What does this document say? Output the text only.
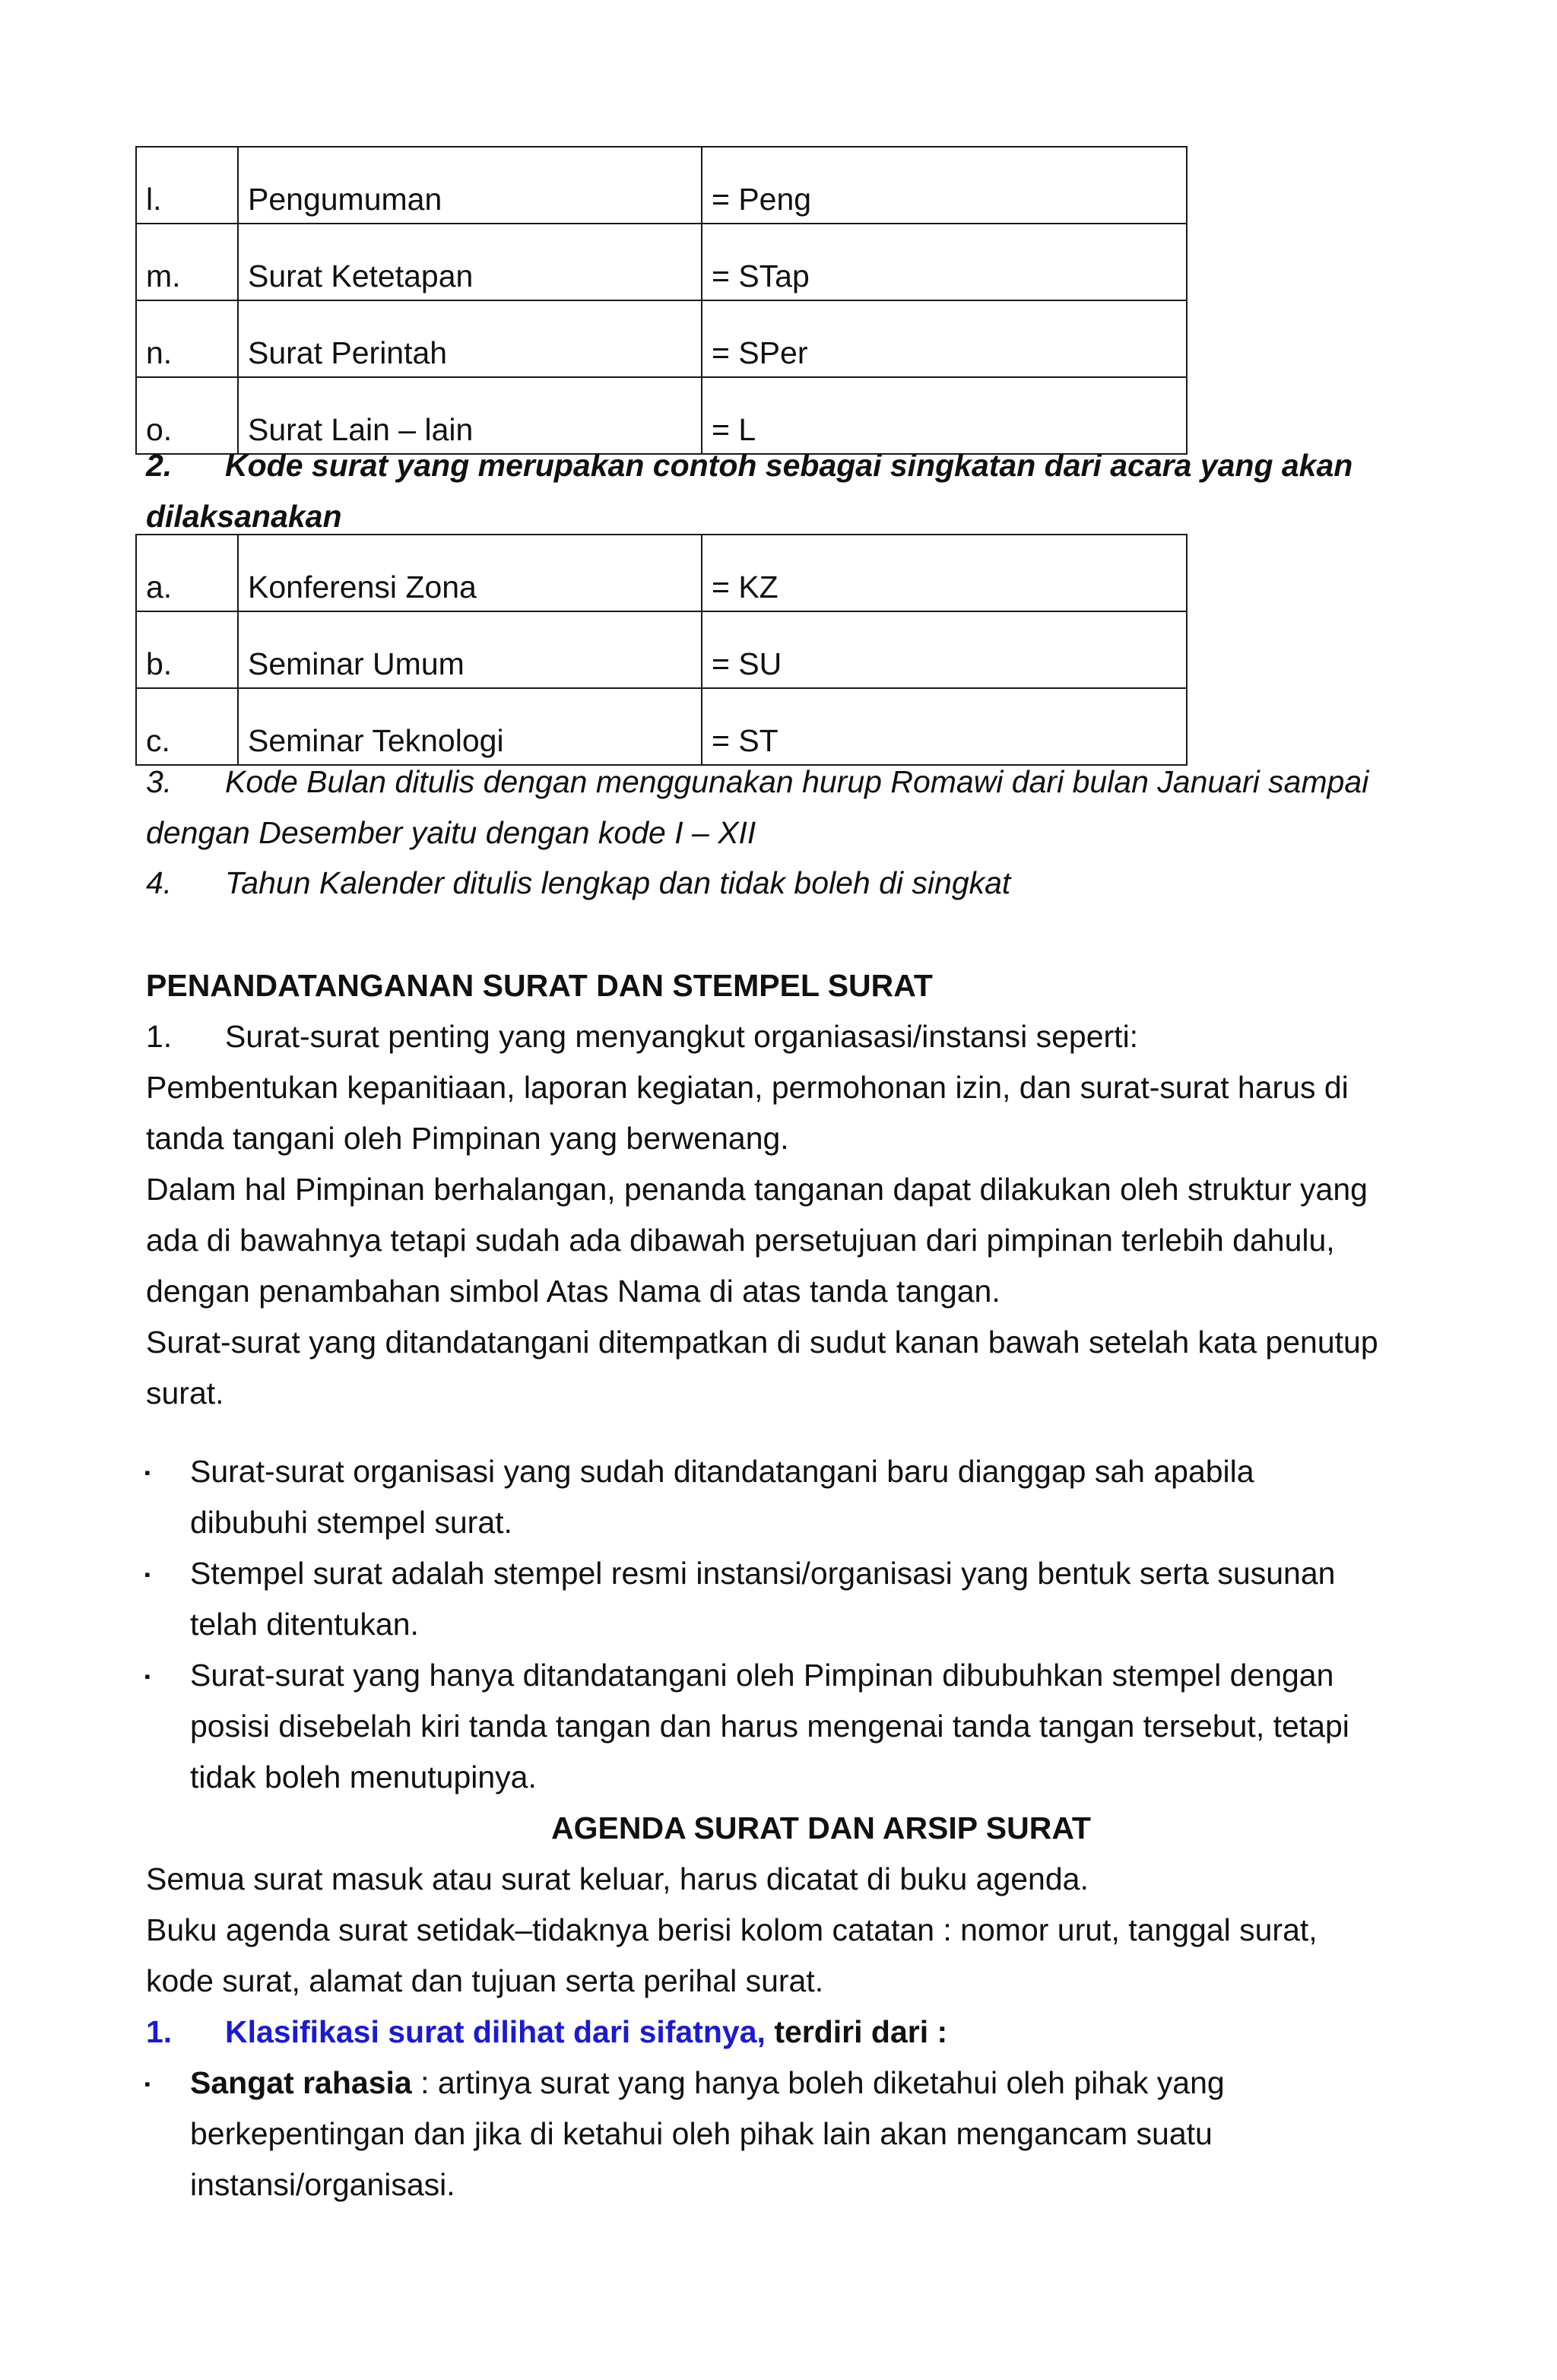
l.	Pengumuman	= Peng
m.	Surat Ketetapan	= STap
n.	Surat Perintah	= SPer
o.	Surat Lain – lain	= L
2. Kode surat yang merupakan contoh sebagai singkatan dari acara yang akan
dilaksanakan
a.	Konferensi Zona	= KZ
b.	Seminar Umum	= SU
c.	Seminar Teknologi	= ST
3. Kode Bulan ditulis dengan menggunakan hurup Romawi dari bulan Januari sampai
dengan Desember yaitu dengan kode I – XII
4. Tahun Kalender ditulis lengkap dan tidak boleh di singkat
PENANDATANGANAN SURAT DAN STEMPEL SURAT
1. Surat-surat penting yang menyangkut organiasasi/instansi seperti:
Pembentukan kepanitiaan, laporan kegiatan, permohonan izin, dan surat-surat harus di
tanda tangani oleh Pimpinan yang berwenang.
Dalam hal Pimpinan berhalangan, penanda tanganan dapat dilakukan oleh struktur yang
ada di bawahnya tetapi sudah ada dibawah persetujuan dari pimpinan terlebih dahulu,
dengan penambahan simbol Atas Nama di atas tanda tangan.
Surat-surat yang ditandatangani ditempatkan di sudut kanan bawah setelah kata penutup
surat.
▪ Surat-surat organisasi yang sudah ditandatangani baru dianggap sah apabila
dibubuhi stempel surat.
▪ Stempel surat adalah stempel resmi instansi/organisasi yang bentuk serta susunan
telah ditentukan.
▪ Surat-surat yang hanya ditandatangani oleh Pimpinan dibubuhkan stempel dengan
posisi disebelah kiri tanda tangan dan harus mengenai tanda tangan tersebut, tetapi
tidak boleh menutupinya.
AGENDA SURAT DAN ARSIP SURAT
Semua surat masuk atau surat keluar, harus dicatat di buku agenda.
Buku agenda surat setidak–tidaknya berisi kolom catatan : nomor urut, tanggal surat,
kode surat, alamat dan tujuan serta perihal surat.
1. Klasifikasi surat dilihat dari sifatnya, terdiri dari :
▪ Sangat rahasia : artinya surat yang hanya boleh diketahui oleh pihak yang
berkepentingan dan jika di ketahui oleh pihak lain akan mengancam suatu
instansi/organisasi.
